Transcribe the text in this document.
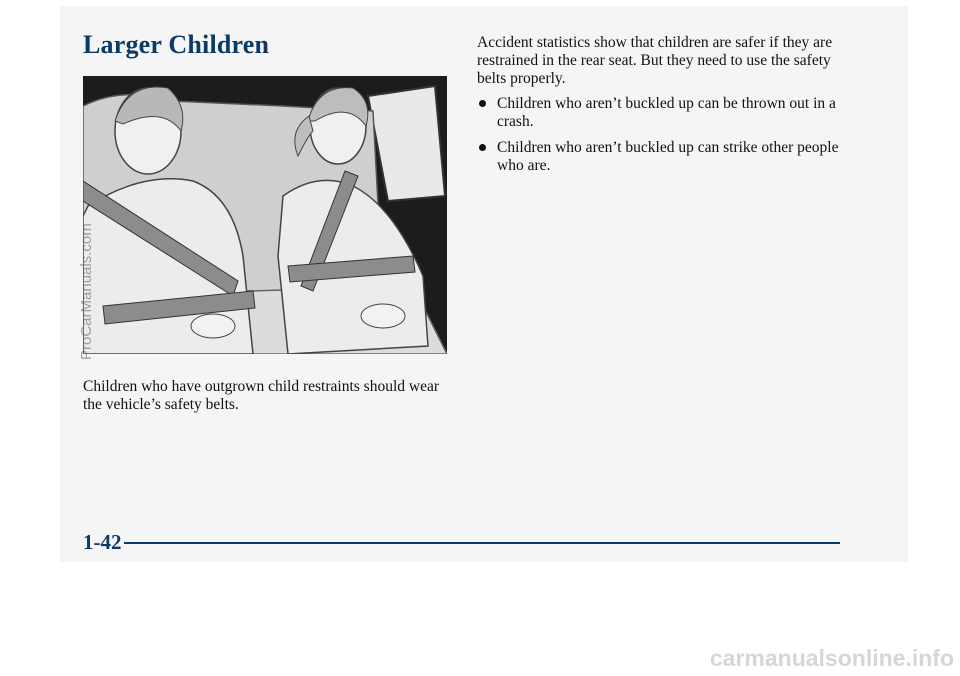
Larger Children

Children who have outgrown child restraints should wear the vehicle’s safety belts.

Accident statistics show that children are safer if they are restrained in the rear seat. But they need to use the safety belts properly.

Children who aren’t buckled up can be thrown out in a crash.
Children who aren’t buckled up can strike other people who are.

1-42

ProCarManuals.com

carmanualsonline.info
